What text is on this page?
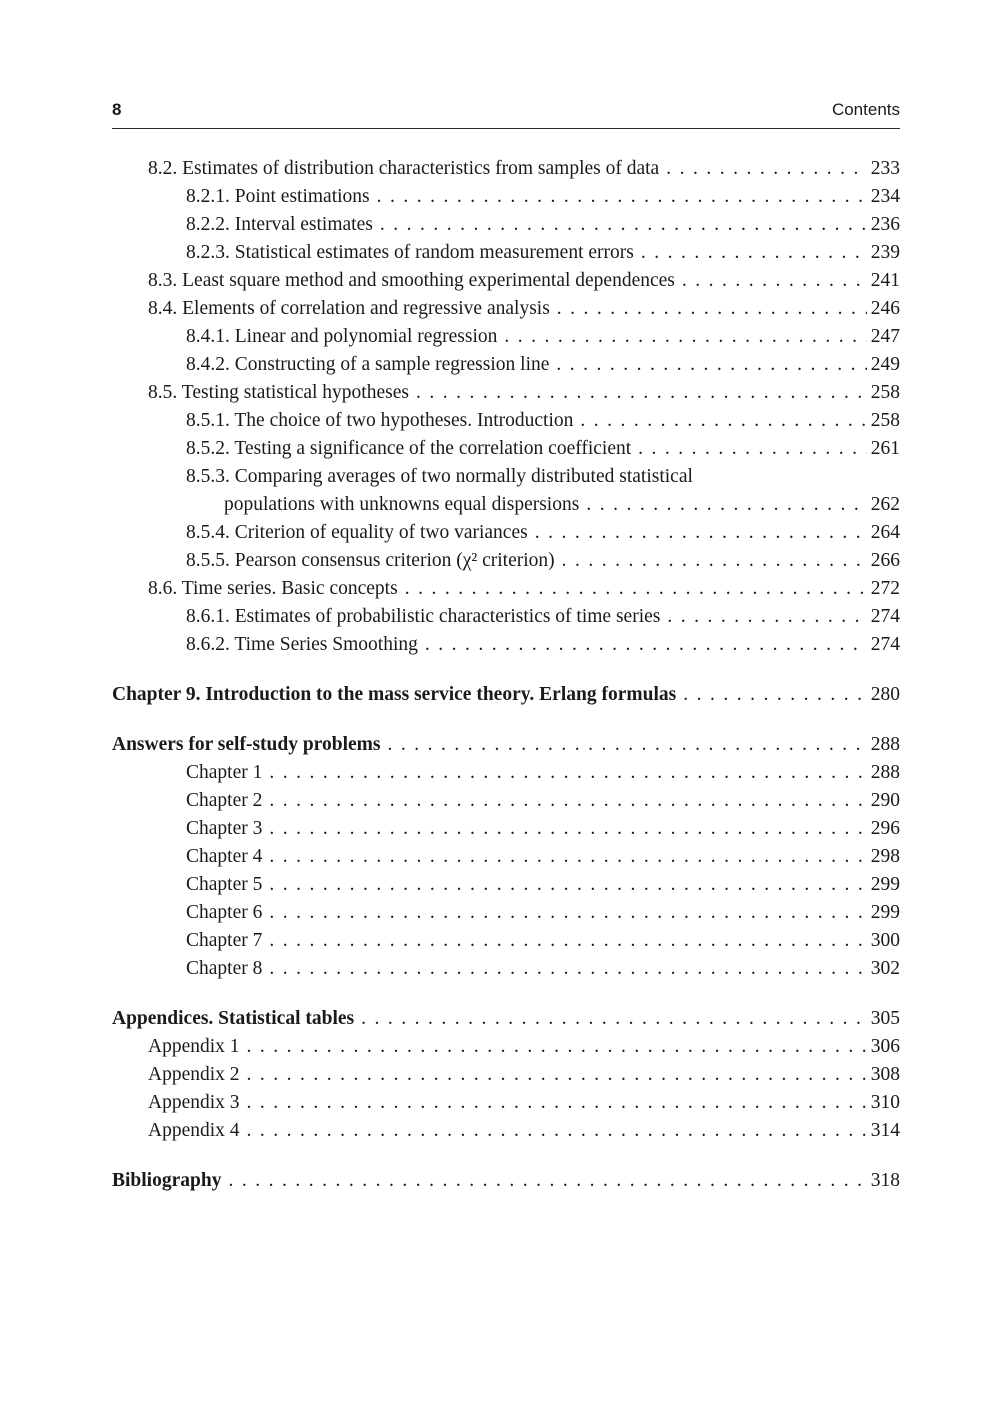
8	Contents
8.2. Estimates of distribution characteristics from samples of data .....	233
8.2.1. Point estimations .....	234
8.2.2. Interval estimates .....	236
8.2.3. Statistical estimates of random measurement errors .....	239
8.3. Least square method and smoothing experimental dependences .....	241
8.4. Elements of correlation and regressive analysis .....	246
8.4.1. Linear and polynomial regression .....	247
8.4.2. Constructing of a sample regression line .....	249
8.5. Testing statistical hypotheses .....	258
8.5.1. The choice of two hypotheses. Introduction .....	258
8.5.2. Testing a significance of the correlation coefficient .....	261
8.5.3. Comparing averages of two normally distributed statistical
populations with unknowns equal dispersions .....	262
8.5.4. Criterion of equality of two variances .....	264
8.5.5. Pearson consensus criterion (χ² criterion) .....	266
8.6. Time series. Basic concepts .....	272
8.6.1. Estimates of probabilistic characteristics of time series .....	274
8.6.2. Time Series Smoothing .....	274
Chapter 9. Introduction to the mass service theory. Erlang formulas .....	280
Answers for self-study problems .....	288
Chapter 1 .....	288
Chapter 2 .....	290
Chapter 3 .....	296
Chapter 4 .....	298
Chapter 5 .....	299
Chapter 6 .....	299
Chapter 7 .....	300
Chapter 8 .....	302
Appendices. Statistical tables .....	305
Appendix 1 .....	306
Appendix 2 .....	308
Appendix 3 .....	310
Appendix 4 .....	314
Bibliography .....	318
